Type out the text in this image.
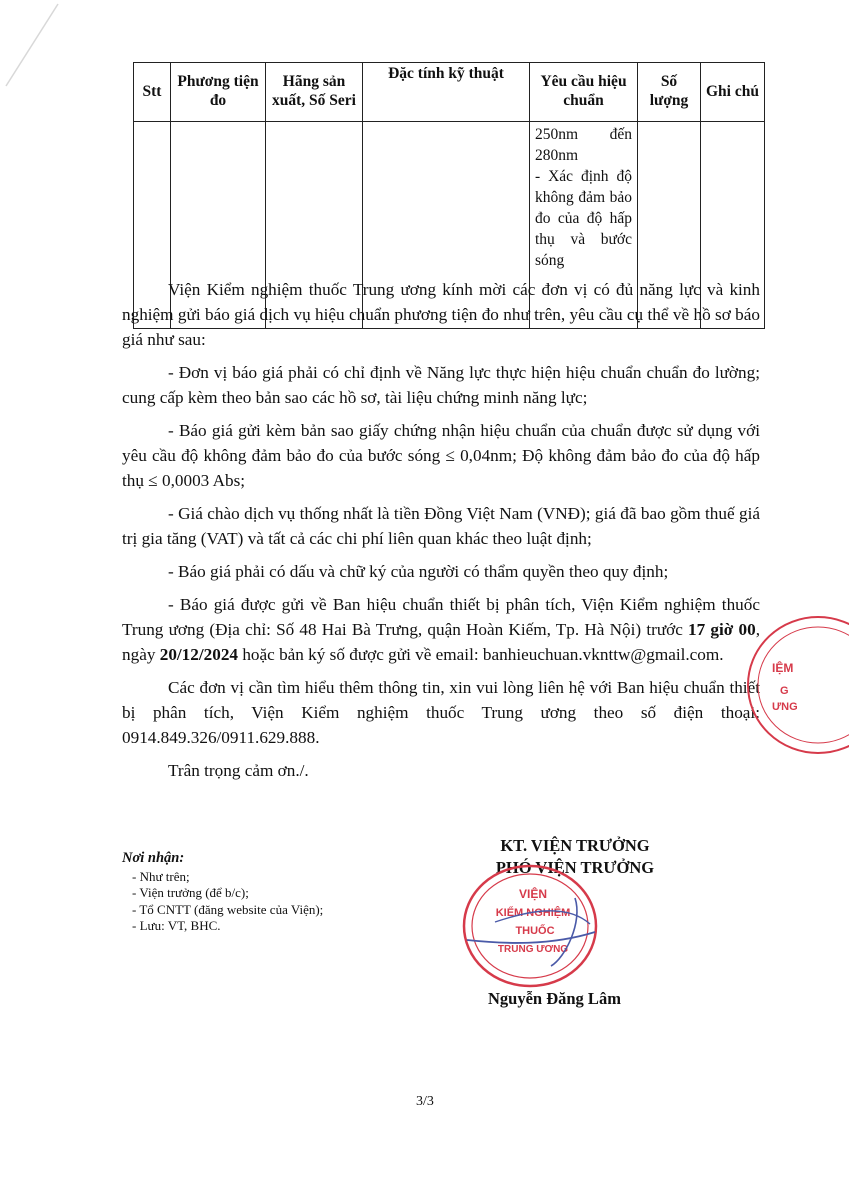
Stt	Phương tiện đo	Hãng sản xuất, Số Seri	Đặc tính kỹ thuật	Yêu cầu hiệu chuẩn	Số lượng	Ghi chú

				250nm đến 280nm
- Xác định độ không đảm bảo đo của độ hấp thụ và bước sóng		

Viện Kiểm nghiệm thuốc Trung ương kính mời các đơn vị có đủ năng lực và kinh nghiệm gửi báo giá dịch vụ hiệu chuẩn phương tiện đo như trên, yêu cầu cụ thể về hồ sơ báo giá như sau:

- Đơn vị báo giá phải có chỉ định về Năng lực thực hiện hiệu chuẩn chuẩn đo lường; cung cấp kèm theo bản sao các hồ sơ, tài liệu chứng minh năng lực;

- Báo giá gửi kèm bản sao giấy chứng nhận hiệu chuẩn của chuẩn được sử dụng với yêu cầu độ không đảm bảo đo của bước sóng ≤ 0,04nm; Độ không đảm bảo đo của độ hấp thụ ≤ 0,0003 Abs;

- Giá chào dịch vụ thống nhất là tiền Đồng Việt Nam (VNĐ); giá đã bao gồm thuế giá trị gia tăng (VAT) và tất cả các chi phí liên quan khác theo luật định;

- Báo giá phải có dấu và chữ ký của người có thẩm quyền theo quy định;

- Báo giá được gửi về Ban hiệu chuẩn thiết bị phân tích, Viện Kiểm nghiệm thuốc Trung ương (Địa chỉ: Số 48 Hai Bà Trưng, quận Hoàn Kiếm, Tp. Hà Nội) trước 17 giờ 00, ngày 20/12/2024 hoặc bản ký số được gửi về email: banhieuchuan.vknttw@gmail.com.

Các đơn vị cần tìm hiểu thêm thông tin, xin vui lòng liên hệ với Ban hiệu chuẩn thiết bị phân tích, Viện Kiểm nghiệm thuốc Trung ương theo số điện thoại: 0914.849.326/0911.629.888.

Trân trọng cảm ơn./.

Nơi nhận:
- Như trên;
- Viện trưởng (để b/c);
- Tổ CNTT (đăng website của Viện);
- Lưu: VT, BHC.
KT. VIỆN TRƯỞNG
PHÓ VIỆN TRƯỞNG
VIỆN
KIỂM NGHIỆM
THUỐC
TRUNG ƯƠNG
Nguyễn Đăng Lâm
IỆM
G
ƯNG
3/3
